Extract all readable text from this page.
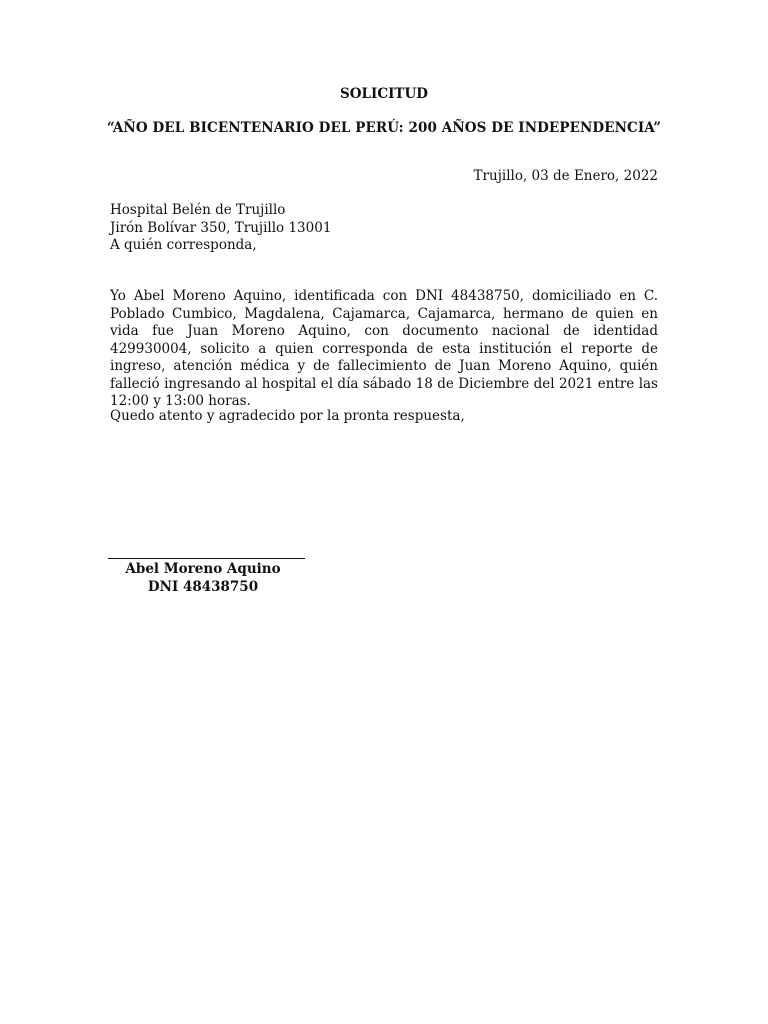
SOLICITUD
“AÑO DEL BICENTENARIO DEL PERÚ: 200 AÑOS DE INDEPENDENCIA”
Trujillo, 03 de Enero, 2022
Hospital Belén de Trujillo
Jirón Bolívar 350, Trujillo 13001
A quién corresponda,
Yo Abel Moreno Aquino, identificada con DNI 48438750, domiciliado en C. Poblado Cumbico, Magdalena, Cajamarca, Cajamarca, hermano de quien en vida fue Juan Moreno Aquino, con documento nacional de identidad 429930004, solicito a quien corresponda de esta institución el reporte de ingreso, atención médica y de fallecimiento de Juan Moreno Aquino, quién falleció ingresando al hospital el día sábado 18 de Diciembre del 2021 entre las 12:00 y 13:00 horas.
Quedo atento y agradecido por la pronta respuesta,
Abel Moreno Aquino
DNI 48438750
